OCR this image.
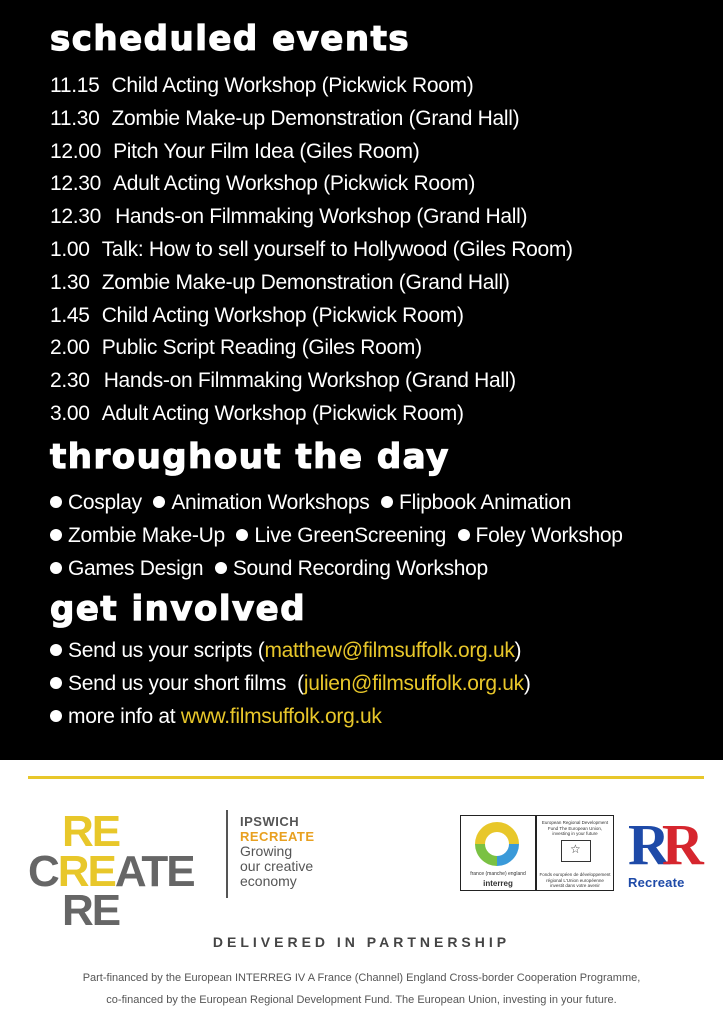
scheduled events
11.15 Child Acting Workshop (Pickwick Room)
11.30 Zombie Make-up Demonstration (Grand Hall)
12.00 Pitch Your Film Idea (Giles Room)
12.30 Adult Acting Workshop (Pickwick Room)
12.30 Hands-on Filmmaking Workshop (Grand Hall)
1.00 Talk: How to sell yourself to Hollywood (Giles Room)
1.30 Zombie Make-up Demonstration (Grand Hall)
1.45 Child Acting Workshop (Pickwick Room)
2.00 Public Script Reading (Giles Room)
2.30 Hands-on Filmmaking Workshop (Grand Hall)
3.00 Adult Acting Workshop (Pickwick Room)
throughout the day
Cosplay Animation Workshops Flipbook Animation
Zombie Make-Up Live GreenScreening Foley Workshop
Games Design Sound Recording Workshop
get involved
Send us your scripts (matthew@filmsuffolk.org.uk)
Send us your short films  (julien@filmsuffolk.org.uk)
more info at www.filmsuffolk.org.uk
RE
CREATE
RE
IPSWICH
RECREATE
Growing
our creative
economy	france (manche) england
interreg
European Regional Development Fund The European Union, investing in your future
☆
Fonds européen de développement régional L'Union européenne investit dans votre avenir
RR
Recreate
DELIVERED IN PARTNERSHIP
Part-financed by the European INTERREG IV A France (Channel) England Cross-border Cooperation Programme,
co-financed by the European Regional Development Fund. The European Union, investing in your future.
